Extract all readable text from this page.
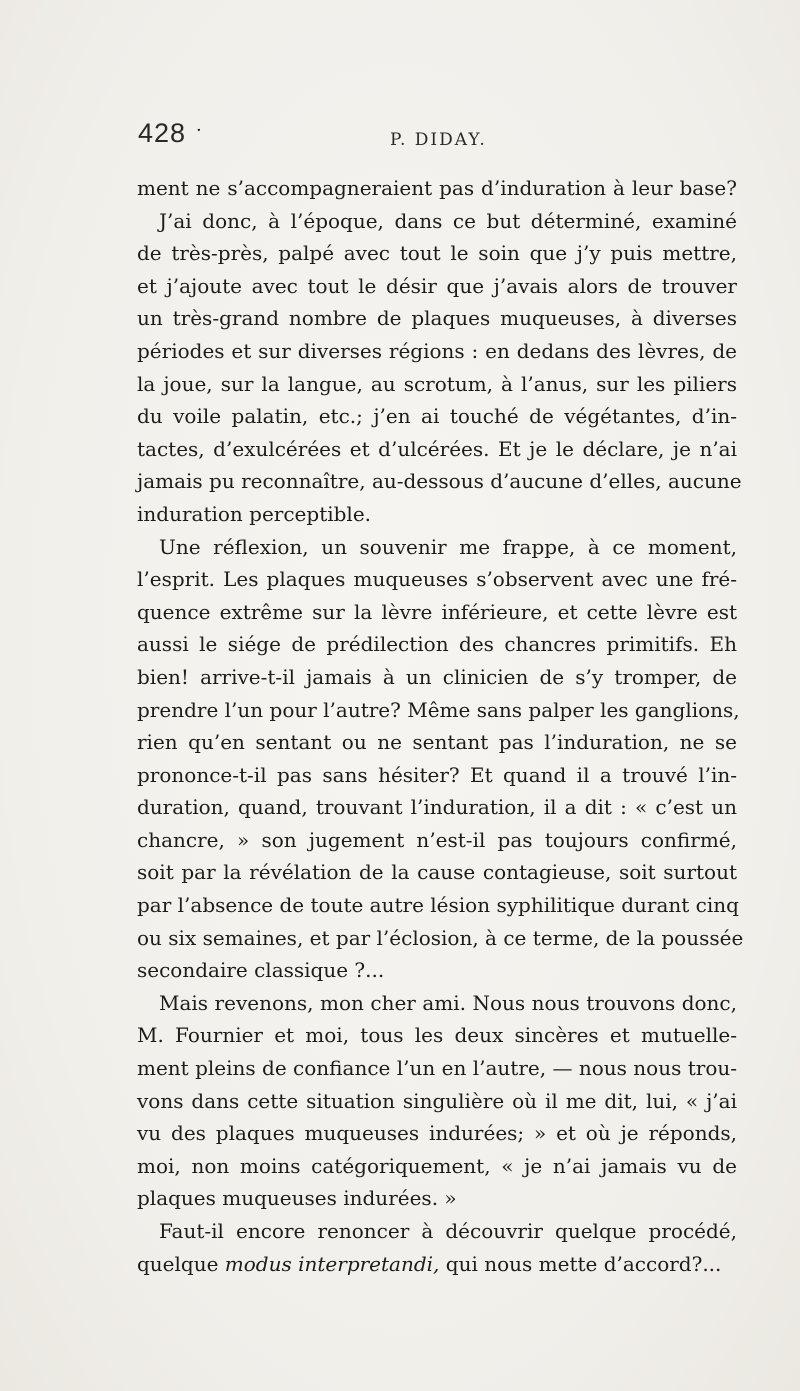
428 ·	P. DIDAY.
ment ne s’accompagneraient pas d’induration à leur base?
J’ai donc, à l’époque, dans ce but déterminé, examiné
de très-près, palpé avec tout le soin que j’y puis mettre,
et j’ajoute avec tout le désir que j’avais alors de trouver
un très-grand nombre de plaques muqueuses, à diverses
périodes et sur diverses régions : en dedans des lèvres, de
la joue, sur la langue, au scrotum, à l’anus, sur les piliers
du voile palatin, etc.; j’en ai touché de végétantes, d’in-
tactes, d’exulcérées et d’ulcérées. Et je le déclare, je n’ai
jamais pu reconnaître, au-dessous d’aucune d’elles, aucune
induration perceptible.
Une réflexion, un souvenir me frappe, à ce moment,
l’esprit. Les plaques muqueuses s’observent avec une fré-
quence extrême sur la lèvre inférieure, et cette lèvre est
aussi le siége de prédilection des chancres primitifs. Eh
bien! arrive-t-il jamais à un clinicien de s’y tromper, de
prendre l’un pour l’autre? Même sans palper les ganglions,
rien qu’en sentant ou ne sentant pas l’induration, ne se
prononce-t-il pas sans hésiter? Et quand il a trouvé l’in-
duration, quand, trouvant l’induration, il a dit : « c’est un
chancre, » son jugement n’est-il pas toujours confirmé,
soit par la révélation de la cause contagieuse, soit surtout
par l’absence de toute autre lésion syphilitique durant cinq
ou six semaines, et par l’éclosion, à ce terme, de la poussée
secondaire classique ?...
Mais revenons, mon cher ami. Nous nous trouvons donc,
M. Fournier et moi, tous les deux sincères et mutuelle-
ment pleins de confiance l’un en l’autre, — nous nous trou-
vons dans cette situation singulière où il me dit, lui, « j’ai
vu des plaques muqueuses indurées; » et où je réponds,
moi, non moins catégoriquement, « je n’ai jamais vu de
plaques muqueuses indurées. »
Faut-il encore renoncer à découvrir quelque procédé,
quelque modus interpretandi, qui nous mette d’accord?...
